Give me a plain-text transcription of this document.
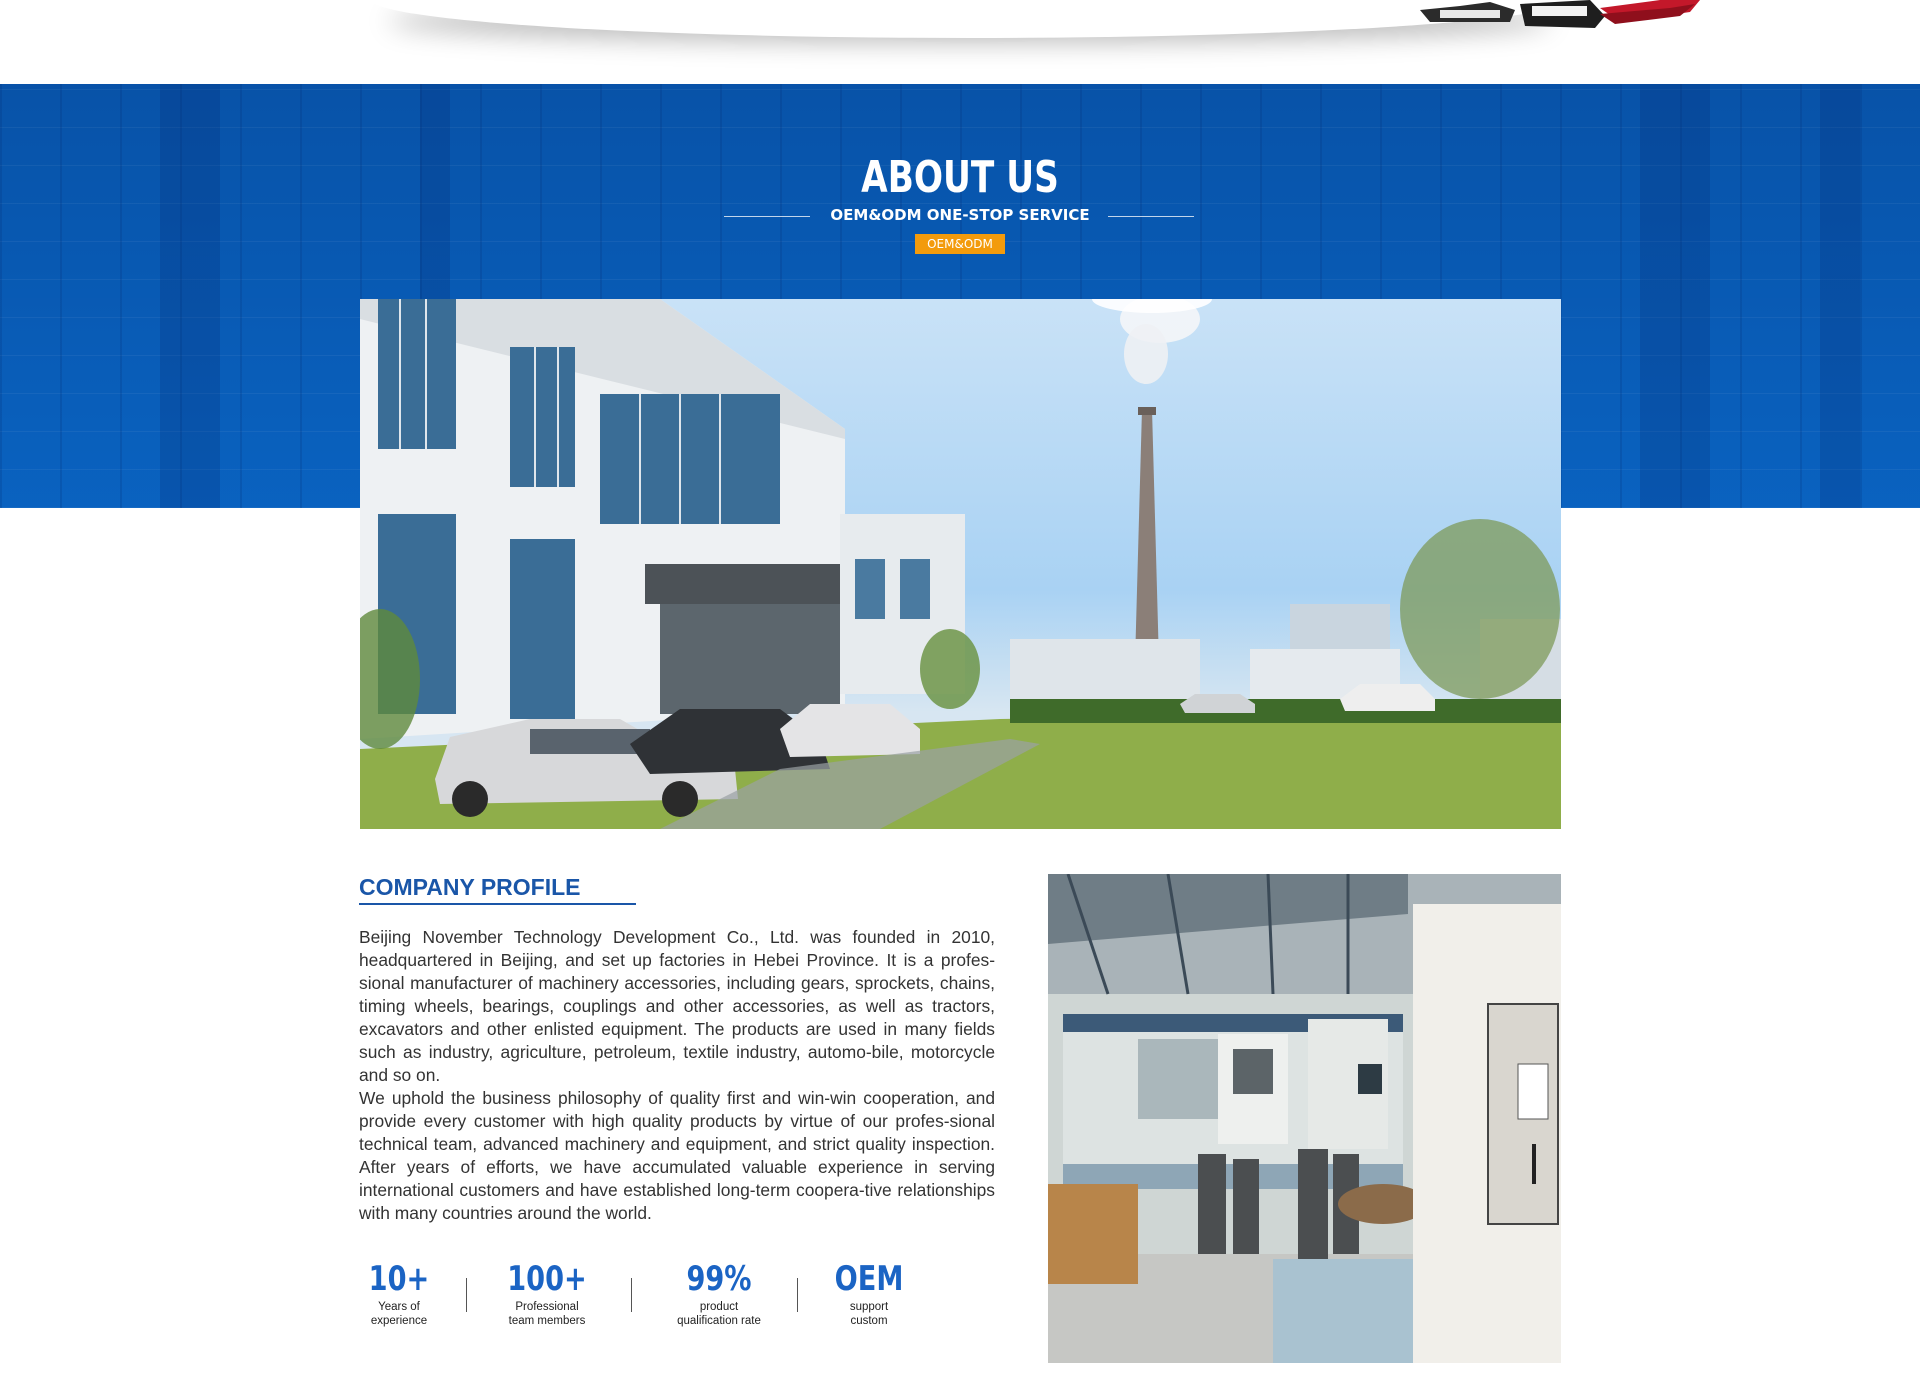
ABOUT US
OEM&ODM ONE-STOP SERVICE
OEM&ODM
COMPANY PROFILE

Beijing November Technology Development Co., Ltd. was founded in 2010, headquartered in Beijing, and set up factories in Hebei Province. It is a profes-sional manufacturer of machinery accessories, including gears, sprockets, chains, timing wheels, bearings, couplings and other accessories, as well as tractors, excavators and other enlisted equipment. The products are used in many fields such as industry, agriculture, petroleum, textile industry, automo-bile, motorcycle and so on.

We uphold the business philosophy of quality first and win-win cooperation, and provide every customer with high quality products by virtue of our profes-sional technical team, advanced machinery and equipment, and strict quality inspection. After years of efforts, we have accumulated valuable experience in serving international customers and have established long-term coopera-tive relationships with many countries around the world.

10+
Years of
experience
100+
Professional
team members
99%
product
qualification rate
OEM
support
custom
